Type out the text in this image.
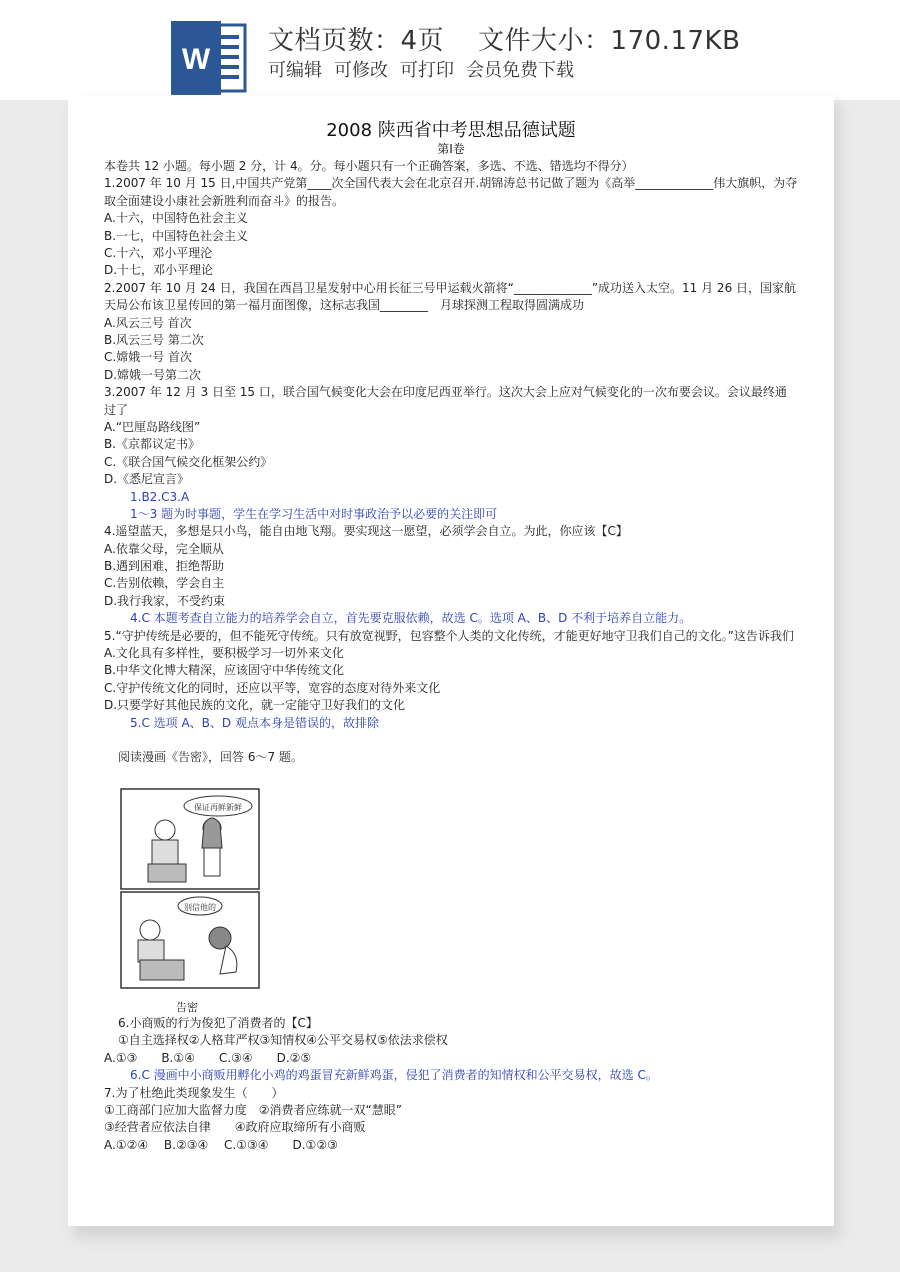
W
文档页数：4页 文件大小：170.17KB
可编辑 可修改 可打印 会员免费下载
2008 陕西省中考思想品德试题
第Ⅰ卷
本卷共 12 小题。每小题 2 分，计 4。分。每小题只有一个正确答案，多选、不选、错选均不得分）
1.2007 年 10 月 15 日,中国共产党第____次全国代表大会在北京召开.胡锦涛总书记做了题为《高举_____________伟大旗帜，为夺取全面建设小康社会新胜利而奋斗》的报告。
A.十六，中国特色社会主义
B.一七，中国特色社会主义
C.十六，邓小平理沦
D.十七，邓小平理论
2.2007 年 10 月 24 日，我国在西昌卫星发射中心用长征三号甲运载火箭将“_____________”成功送入太空。11 月 26 日，国家航天局公布该卫星传回的第一福月面图像，这标志我国________　月球探测工程取得圆满成功
A.风云三号 首次
B.风云三号 第二次
C.嫦娥一号 首次
D.嫦娥一号第二次
3.2007 年 12 月 3 日至 15 口，联合国气候变化大会在印度尼西亚举行。这次大会上应对气候变化的一次布要会议。会议最终通过了
A.“巴厘岛路线图”
B.《京都议定书》
C.《联合国气候交化框架公约》
D.《悉尼宣言》
1.B2.C3.A
1～3 题为时事题，学生在学习生活中对时事政治予以必要的关注即可
4.遥望蓝天，多想是只小鸟，能自由地飞翔。要实现这一愿望，必须学会自立。为此，你应该【C】
A.依靠父母，完全顺从
B.遇到困难，拒绝帮助
C.告别依赖，学会自主
D.我行我家，不受约束
4.C 本题考查自立能力的培养学会自立，首先要克服依赖，故选 C。选项 A、B、D 不利于培养自立能力。
5.“守护传统是必要的，但不能死守传统。只有放宽视野，包容整个人类的文化传统，才能更好地守卫我们自己的文化。”这告诉我们
A.文化具有多样性，要积极学习一切外来文化
B.中华文化博大精深，应该固守中华传统文化
C.守护传统文化的同时，还应以平等，宽容的态度对待外来文化
D.只要学好其他民族的文化，就一定能守卫好我们的文化
5.C 选项 A、B、D 观点本身是错误的，故排除
阅读漫画《告密》，回答 6～7 题。
保证再鲜新鲜
别信他的
告密
6.小商贩的行为俊犯了消费者的【C】
①自主选择权②人格茸严权③知情权④公平交易权⑤依法求偿权
A.①③　　B.①④　　C.③④　　D.②⑤
6.C 漫画中小商贩用孵化小鸡的鸡蛋冒充新鲜鸡蛋，侵犯了消费者的知情权和公平交易权，故选 C。
7.为了杜绝此类现象发生（　　）
①工商部门应加大监督力度　②消费者应练就一双“慧眼”
③经营者应依法自律　　④政府应取缔所有小商贩
A.①②④　 B.②③④　 C.①③④　　D.①②③
